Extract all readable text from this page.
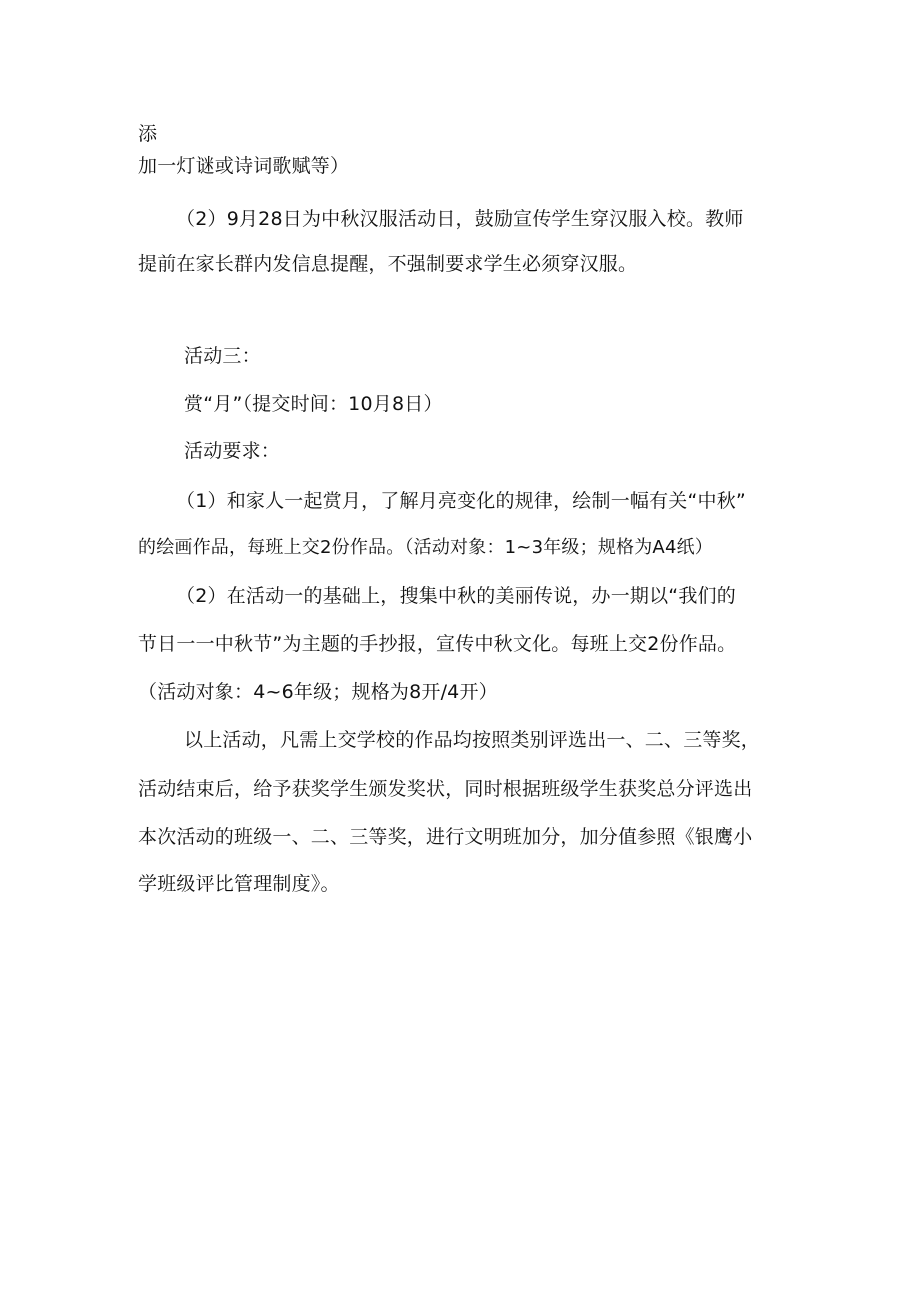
添
加一灯谜或诗词歌赋等）
（2）9月28日为中秋汉服活动日，鼓励宣传学生穿汉服入校。教师
提前在家长群内发信息提醒，不强制要求学生必须穿汉服。
活动三：
赏“月”（提交时间：10月8日）
活动要求：
（1）和家人一起赏月，了解月亮变化的规律，绘制一幅有关“中秋”
的绘画作品，每班上交2份作品。（活动对象：1~3年级；规格为A4纸）
（2）在活动一的基础上，搜集中秋的美丽传说，办一期以“我们的
节日一一中秋节”为主题的手抄报，宣传中秋文化。每班上交2份作品。
（活动对象：4~6年级；规格为8开/4开）
以上活动，凡需上交学校的作品均按照类别评选出一、二、三等奖，
活动结束后，给予获奖学生颁发奖状，同时根据班级学生获奖总分评选出
本次活动的班级一、二、三等奖，进行文明班加分，加分值参照《银鹰小
学班级评比管理制度》。
